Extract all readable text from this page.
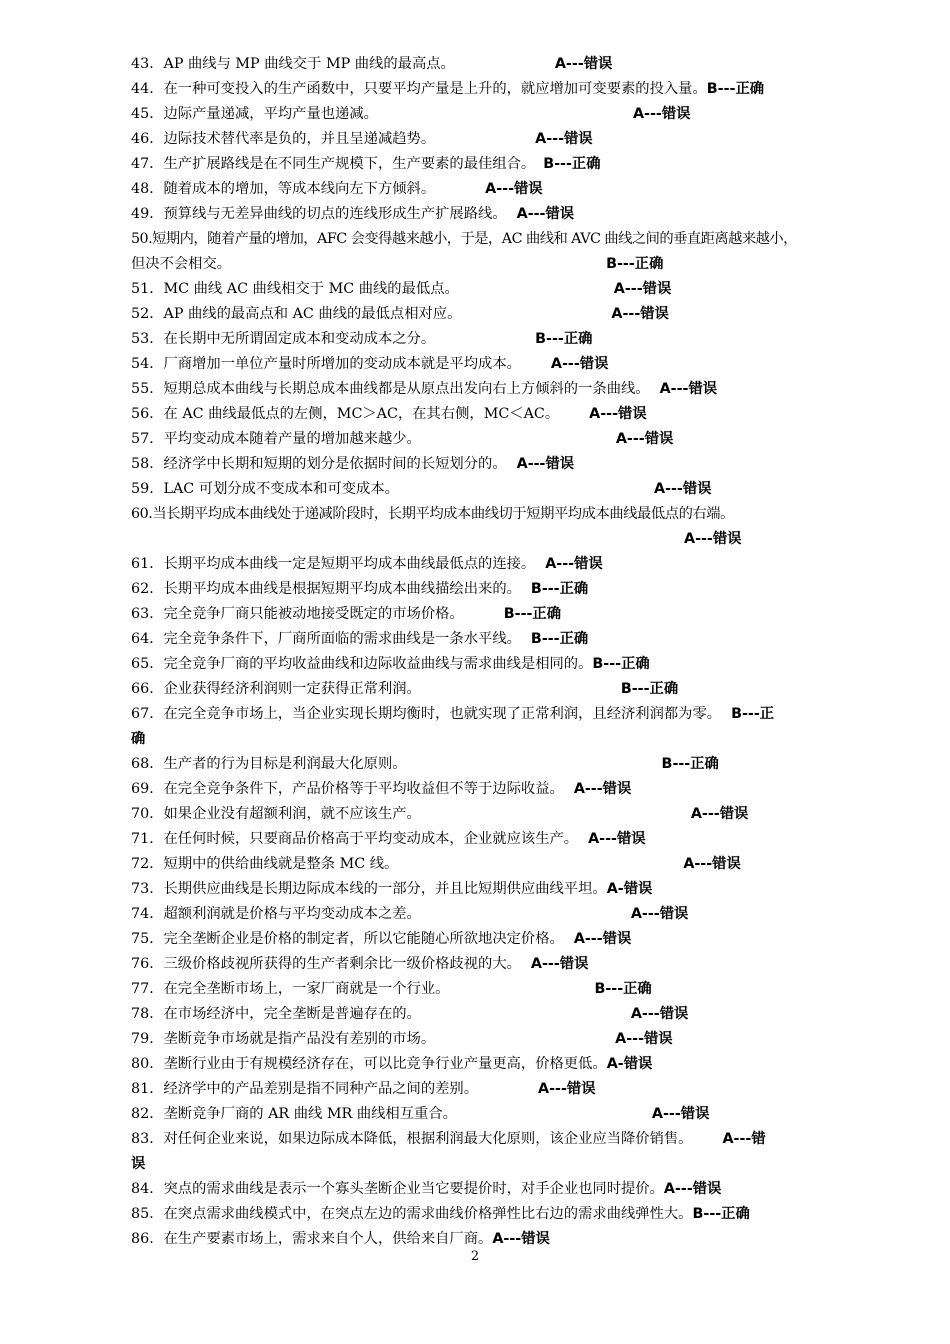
43．AP 曲线与 MP 曲线交于 MP 曲线的最高点。	A---错误
44．在一种可变投入的生产函数中，只要平均产量是上升的，就应增加可变要素的投入量。B---正确
45．边际产量递减，平均产量也递减。	A---错误
46．边际技术替代率是负的，并且呈递减趋势。	A---错误
47．生产扩展路线是在不同生产规模下，生产要素的最佳组合。 B---正确
48．随着成本的增加，等成本线向左下方倾斜。	A---错误
49．预算线与无差异曲线的切点的连线形成生产扩展路线。 A---错误
50.短期内，随着产量的增加，AFC 会变得越来越小，于是，AC 曲线和 AVC 曲线之间的垂直距离越来越小，
但决不会相交。	B---正确
51．MC 曲线 AC 曲线相交于 MC 曲线的最低点。	A---错误
52．AP 曲线的最高点和 AC 曲线的最低点相对应。	A---错误
53．在长期中无所谓固定成本和变动成本之分。	B---正确
54．厂商增加一单位产量时所增加的变动成本就是平均成本。 A---错误
55．短期总成本曲线与长期总成本曲线都是从原点出发向右上方倾斜的一条曲线。 A---错误
56．在 AC 曲线最低点的左侧，MC＞AC，在其右侧，MC＜AC。 A---错误
57．平均变动成本随着产量的增加越来越少。	A---错误
58．经济学中长期和短期的划分是依据时间的长短划分的。 A---错误
59．LAC 可划分成不变成本和可变成本。	A---错误
60.当长期平均成本曲线处于递减阶段时，长期平均成本曲线切于短期平均成本曲线最低点的右端。
A---错误
61．长期平均成本曲线一定是短期平均成本曲线最低点的连接。 A---错误
62．长期平均成本曲线是根据短期平均成本曲线描绘出来的。 B---正确
63．完全竞争厂商只能被动地接受既定的市场价格。	B---正确
64．完全竞争条件下，厂商所面临的需求曲线是一条水平线。 B---正确
65．完全竞争厂商的平均收益曲线和边际收益曲线与需求曲线是相同的。B---正确
66．企业获得经济利润则一定获得正常利润。	B---正确
67．在完全竞争市场上，当企业实现长期均衡时，也就实现了正常利润，且经济利润都为零。 B---正
确
68．生产者的行为目标是利润最大化原则。	B---正确
69．在完全竞争条件下，产品价格等于平均收益但不等于边际收益。 A---错误
70．如果企业没有超额利润，就不应该生产。	A---错误
71．在任何时候，只要商品价格高于平均变动成本，企业就应该生产。 A---错误
72．短期中的供给曲线就是整条 MC 线。	A---错误
73．长期供应曲线是长期边际成本线的一部分，并且比短期供应曲线平坦。A-错误
74．超额利润就是价格与平均变动成本之差。	A---错误
75．完全垄断企业是价格的制定者，所以它能随心所欲地决定价格。 A---错误
76．三级价格歧视所获得的生产者剩余比一级价格歧视的大。 A---错误
77．在完全垄断市场上，一家厂商就是一个行业。	B---正确
78．在市场经济中，完全垄断是普遍存在的。	A---错误
79．垄断竞争市场就是指产品没有差别的市场。	A---错误
80．垄断行业由于有规模经济存在，可以比竞争行业产量更高，价格更低。A-错误
81．经济学中的产品差别是指不同种产品之间的差别。	A---错误
82．垄断竞争厂商的 AR 曲线 MR 曲线相互重合。	A---错误
83．对任何企业来说，如果边际成本降低，根据利润最大化原则，该企业应当降价销售。 A---错
误
84．突点的需求曲线是表示一个寡头垄断企业当它要提价时，对手企业也同时提价。A---错误
85．在突点需求曲线模式中，在突点左边的需求曲线价格弹性比右边的需求曲线弹性大。B---正确
86．在生产要素市场上，需求来自个人，供给来自厂商。A---错误
2
